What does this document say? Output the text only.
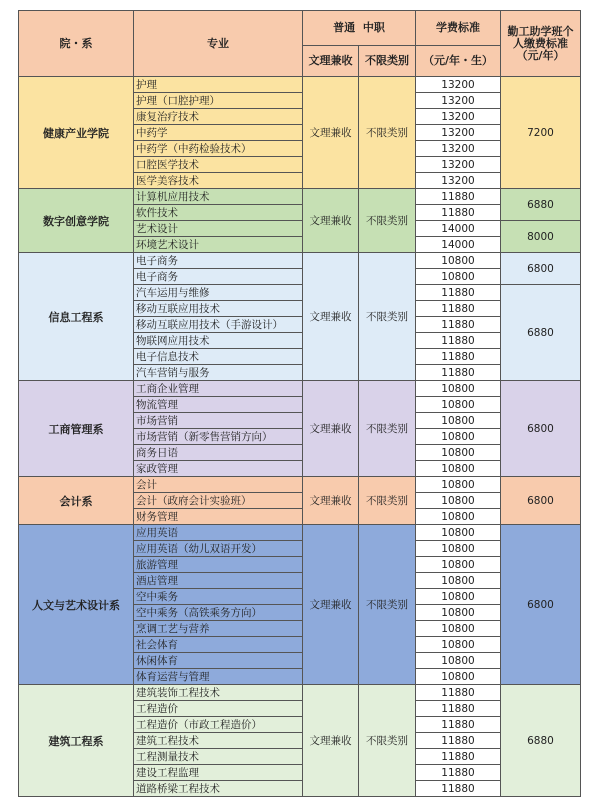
院・系	专业	普通  中职		学费标准	勤工助学班个人缴费标准（元/年）
		文理兼收	不限类别	（元/年・生）	
健康产业学院	护理	文理兼收	不限类别	13200	7200
	护理（口腔护理）			13200	
	康复治疗技术			13200	
	中药学			13200	
	中药学（中药检验技术）			13200	
	口腔医学技术			13200	
	医学美容技术			13200	
数字创意学院	计算机应用技术	文理兼收	不限类别	11880	6880
	软件技术			11880	
	艺术设计			14000	8000
	环境艺术设计			14000	
信息工程系	电子商务	文理兼收	不限类别	10800	6800
	电子商务			10800	
	汽车运用与维修			11880	6880
	移动互联应用技术			11880	
	移动互联应用技术（手游设计）			11880	
	物联网应用技术			11880	
	电子信息技术			11880	
	汽车营销与服务			11880	
工商管理系	工商企业管理	文理兼收	不限类别	10800	6800
	物流管理			10800	
	市场营销			10800	
	市场营销（新零售营销方向）			10800	
	商务日语			10800	
	家政管理			10800	
会计系	会计	文理兼收	不限类别	10800	6800
	会计（政府会计实验班）			10800	
	财务管理			10800	
人文与艺术设计系	应用英语	文理兼收	不限类别	10800	6800
	应用英语（幼儿双语开发）			10800	
	旅游管理			10800	
	酒店管理			10800	
	空中乘务			10800	
	空中乘务（高铁乘务方向）			10800	
	烹调工艺与营养			10800	
	社会体育			10800	
	休闲体育			10800	
	体育运营与管理			10800	
建筑工程系	建筑装饰工程技术	文理兼收	不限类别	11880	6880
	工程造价			11880	
	工程造价（市政工程造价）			11880	
	建筑工程技术			11880	
	工程测量技术			11880	
	建设工程监理			11880	
	道路桥梁工程技术			11880	
